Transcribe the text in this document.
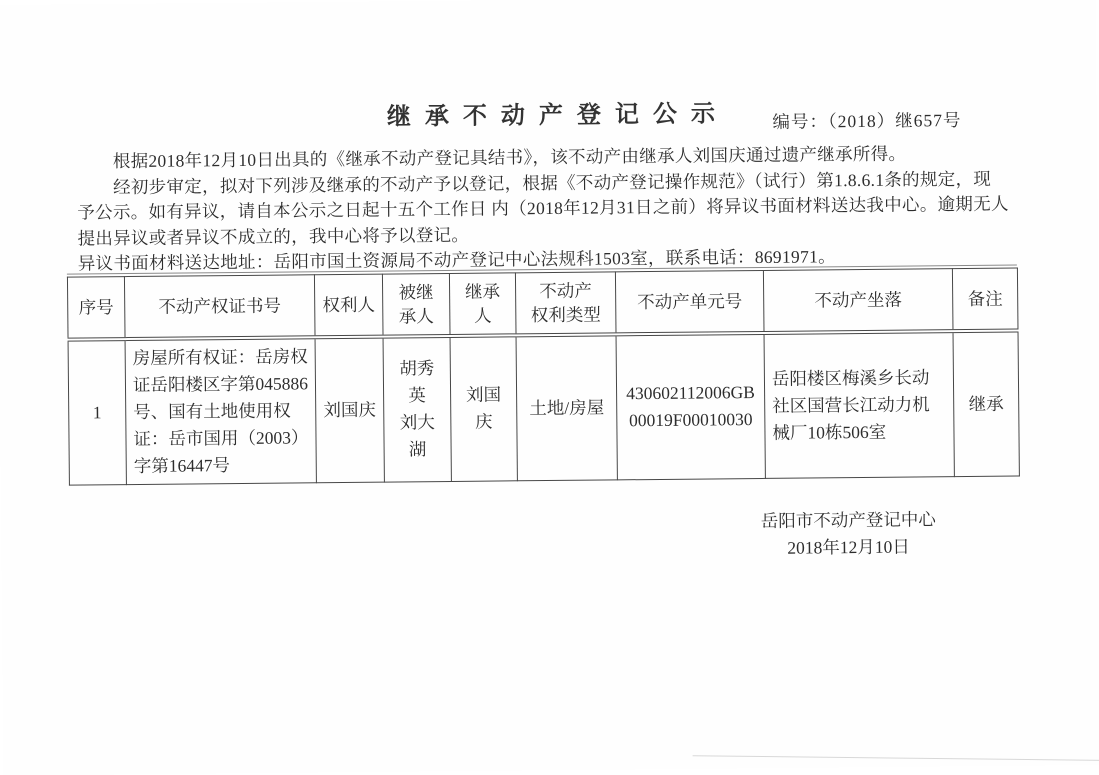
继承不动产登记公示	编号：（2018）继657号

根据2018年12月10日出具的《继承不动产登记具结书》，该不动产由继承人刘国庆通过遗产继承所得。

经初步审定，拟对下列涉及继承的不动产予以登记，根据《不动产登记操作规范》（试行）第1.8.6.1条的规定，现

予公示。如有异议，请自本公示之日起十五个工作日 内（2018年12月31日之前）将异议书面材料送达我中心。逾期无人

提出异议或者异议不成立的，我中心将予以登记。

异议书面材料送达地址：岳阳市国土资源局不动产登记中心法规科1503室，联系电话：8691971。

序号	不动产权证书号	权利人	被继
承人	继承人	不动产
权利类型	不动产单元号	不动产坐落	备注
1	房屋所有权证：岳房权
证岳阳楼区字第045886
号、国有土地使用权
证：岳市国用（2003）
字第16447号	刘国庆	胡秀英
刘大湖	刘国庆	土地/房屋	430602112006GB
00019F00010030	岳阳楼区梅溪乡长动
社区国营长江动力机
械厂10栋506室	继承
岳阳市不动产登记中心
2018年12月10日
